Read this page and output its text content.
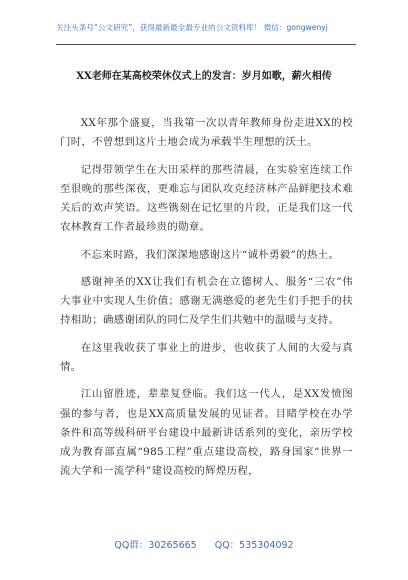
关注头条号“公文研究”，获得最新最全最专业的公文资料库！ 微信：gongwenyj
XX老师在某高校荣休仪式上的发言：岁月如歌，薪火相传

XX年那个盛夏，当我第一次以青年教师身份走进XX的校门时，不曾想到这片土地会成为承载半生理想的沃土。

记得带领学生在大田采样的那些清晨，在实验室连续工作至很晚的那些深夜，更难忘与团队攻克经济林产品鲜肥技术难关后的欢声笑语。这些镌刻在记忆里的片段，正是我们这一代农林教育工作者最珍贵的勋章。

不忘来时路，我们深深地感谢这片“诚朴勇毅”的热土。

感谢神圣的XX让我们有机会在立德树人、服务“三农”伟大事业中实现人生价值；感谢无满憨爱的老先生们手把手的扶持相助；确感谢团队的同仁及学生们共勉中的温暖与支持。

在这里我收获了事业上的进步，也收获了人间的大爱与真情。

江山留胜迹，辈辈复登临。我们这一代人，是XX发愤图强的参与者，也是XX高质量发展的见证者。目睹学校在办学条件和高等级科研平台建设中最新讲话系列的变化，亲历学校成为教育部直属“985工程”重点建设高校，路身国家“世界一流大学和一流学科”建设高校的辉煌历程，

QQ群：30265665 QQ：535304092
